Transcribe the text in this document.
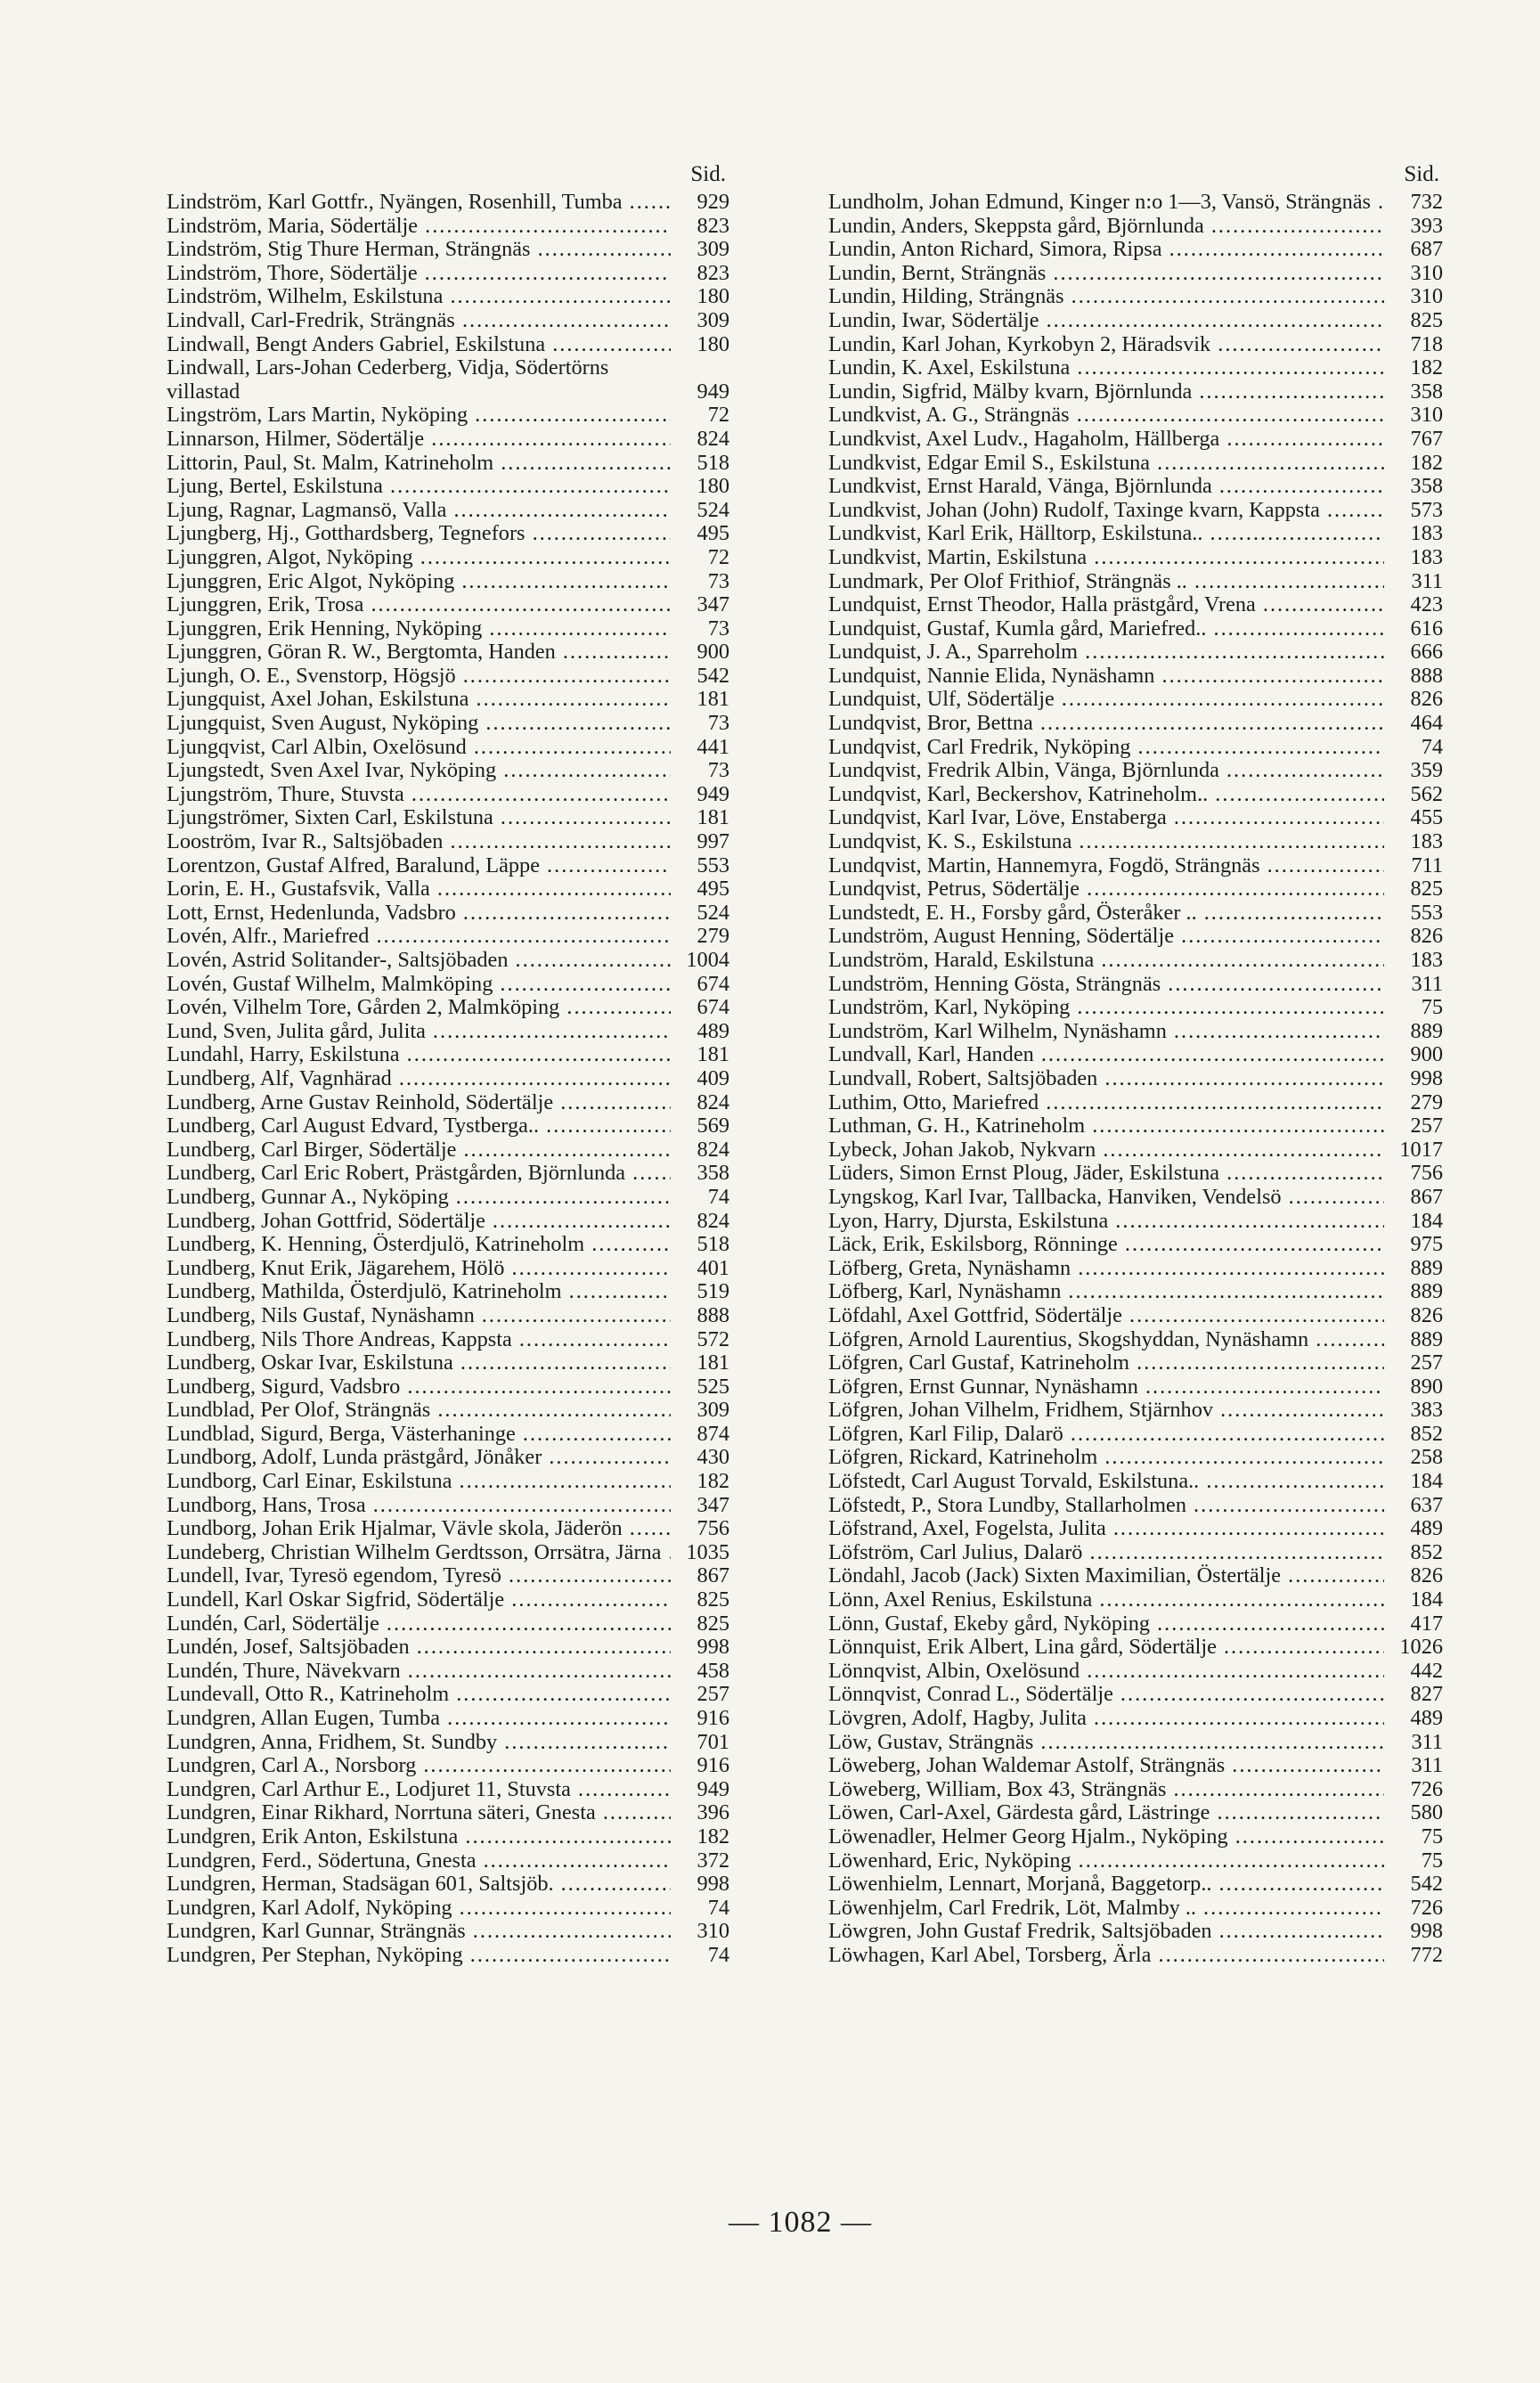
Sid.
Lindström, Karl Gottfr., Nyängen, Rosenhill, Tumba .....	929
Lindström, Maria, Södertälje .....	823
Lindström, Stig Thure Herman, Strängnäs .....	309
Lindström, Thore, Södertälje .....	823
Lindström, Wilhelm, Eskilstuna .....	180
Lindvall, Carl-Fredrik, Strängnäs .....	309
Lindwall, Bengt Anders Gabriel, Eskilstuna .....	180
Lindwall, Lars-Johan Cederberg, Vidja, Södertörns villastad	949
Lingström, Lars Martin, Nyköping .....	72
Linnarson, Hilmer, Södertälje .....	824
Littorin, Paul, St. Malm, Katrineholm .....	518
Ljung, Bertel, Eskilstuna .....	180
Ljung, Ragnar, Lagmansö, Valla .....	524
Ljungberg, Hj., Gotthardsberg, Tegnefors .....	495
Ljunggren, Algot, Nyköping .....	72
Ljunggren, Eric Algot, Nyköping .....	73
Ljunggren, Erik, Trosa .....	347
Ljunggren, Erik Henning, Nyköping .....	73
Ljunggren, Göran R. W., Bergtomta, Handen .....	900
Ljungh, O. E., Svenstorp, Högsjö .....	542
Ljungquist, Axel Johan, Eskilstuna .....	181
Ljungquist, Sven August, Nyköping .....	73
Ljungqvist, Carl Albin, Oxelösund .....	441
Ljungstedt, Sven Axel Ivar, Nyköping .....	73
Ljungström, Thure, Stuvsta .....	949
Ljungströmer, Sixten Carl, Eskilstuna .....	181
Looström, Ivar R., Saltsjöbaden .....	997
Lorentzon, Gustaf Alfred, Baralund, Läppe .....	553
Lorin, E. H., Gustafsvik, Valla .....	495
Lott, Ernst, Hedenlunda, Vadsbro .....	524
Lovén, Alfr., Mariefred .....	279
Lovén, Astrid Solitander-, Saltsjöbaden .....	1004
Lovén, Gustaf Wilhelm, Malmköping .....	674
Lovén, Vilhelm Tore, Gården 2, Malmköping .....	674
Lund, Sven, Julita gård, Julita .....	489
Lundahl, Harry, Eskilstuna .....	181
Lundberg, Alf, Vagnhärad .....	409
Lundberg, Arne Gustav Reinhold, Södertälje .....	824
Lundberg, Carl August Edvard, Tystberga.. .....	569
Lundberg, Carl Birger, Södertälje .....	824
Lundberg, Carl Eric Robert, Prästgården, Björnlunda .....	358
Lundberg, Gunnar A., Nyköping .....	74
Lundberg, Johan Gottfrid, Södertälje .....	824
Lundberg, K. Henning, Österdjulö, Katrineholm .....	518
Lundberg, Knut Erik, Jägarehem, Hölö .....	401
Lundberg, Mathilda, Österdjulö, Katrineholm .....	519
Lundberg, Nils Gustaf, Nynäshamn .....	888
Lundberg, Nils Thore Andreas, Kappsta .....	572
Lundberg, Oskar Ivar, Eskilstuna .....	181
Lundberg, Sigurd, Vadsbro .....	525
Lundblad, Per Olof, Strängnäs .....	309
Lundblad, Sigurd, Berga, Västerhaninge .....	874
Lundborg, Adolf, Lunda prästgård, Jönåker .....	430
Lundborg, Carl Einar, Eskilstuna .....	182
Lundborg, Hans, Trosa .....	347
Lundborg, Johan Erik Hjalmar, Vävle skola, Jäderön .....	756
Lundeberg, Christian Wilhelm Gerdtsson, Orrsätra, Järna .....	1035
Lundell, Ivar, Tyresö egendom, Tyresö .....	867
Lundell, Karl Oskar Sigfrid, Södertälje .....	825
Lundén, Carl, Södertälje .....	825
Lundén, Josef, Saltsjöbaden .....	998
Lundén, Thure, Nävekvarn .....	458
Lundevall, Otto R., Katrineholm .....	257
Lundgren, Allan Eugen, Tumba .....	916
Lundgren, Anna, Fridhem, St. Sundby .....	701
Lundgren, Carl A., Norsborg .....	916
Lundgren, Carl Arthur E., Lodjuret 11, Stuvsta .....	949
Lundgren, Einar Rikhard, Norrtuna säteri, Gnesta .....	396
Lundgren, Erik Anton, Eskilstuna .....	182
Lundgren, Ferd., Södertuna, Gnesta .....	372
Lundgren, Herman, Stadsägan 601, Saltsjöb. .....	998
Lundgren, Karl Adolf, Nyköping .....	74
Lundgren, Karl Gunnar, Strängnäs .....	310
Lundgren, Per Stephan, Nyköping .....	74
Sid.
Lundholm, Johan Edmund, Kinger n:o 1—3, Vansö, Strängnäs .....	732
Lundin, Anders, Skeppsta gård, Björnlunda .....	393
Lundin, Anton Richard, Simora, Ripsa .....	687
Lundin, Bernt, Strängnäs .....	310
Lundin, Hilding, Strängnäs .....	310
Lundin, Iwar, Södertälje .....	825
Lundin, Karl Johan, Kyrkobyn 2, Häradsvik .....	718
Lundin, K. Axel, Eskilstuna .....	182
Lundin, Sigfrid, Mälby kvarn, Björnlunda .....	358
Lundkvist, A. G., Strängnäs .....	310
Lundkvist, Axel Ludv., Hagaholm, Hällberga .....	767
Lundkvist, Edgar Emil S., Eskilstuna .....	182
Lundkvist, Ernst Harald, Vänga, Björnlunda .....	358
Lundkvist, Johan (John) Rudolf, Taxinge kvarn, Kappsta .....	573
Lundkvist, Karl Erik, Hälltorp, Eskilstuna.. .....	183
Lundkvist, Martin, Eskilstuna .....	183
Lundmark, Per Olof Frithiof, Strängnäs .. .....	311
Lundquist, Ernst Theodor, Halla prästgård, Vrena .....	423
Lundquist, Gustaf, Kumla gård, Mariefred.. .....	616
Lundquist, J. A., Sparreholm .....	666
Lundquist, Nannie Elida, Nynäshamn .....	888
Lundquist, Ulf, Södertälje .....	826
Lundqvist, Bror, Bettna .....	464
Lundqvist, Carl Fredrik, Nyköping .....	74
Lundqvist, Fredrik Albin, Vänga, Björnlunda .....	359
Lundqvist, Karl, Beckershov, Katrineholm.. .....	562
Lundqvist, Karl Ivar, Löve, Enstaberga .....	455
Lundqvist, K. S., Eskilstuna .....	183
Lundqvist, Martin, Hannemyra, Fogdö, Strängnäs .....	711
Lundqvist, Petrus, Södertälje .....	825
Lundstedt, E. H., Forsby gård, Österåker .. .....	553
Lundström, August Henning, Södertälje .....	826
Lundström, Harald, Eskilstuna .....	183
Lundström, Henning Gösta, Strängnäs .....	311
Lundström, Karl, Nyköping .....	75
Lundström, Karl Wilhelm, Nynäshamn .....	889
Lundvall, Karl, Handen .....	900
Lundvall, Robert, Saltsjöbaden .....	998
Luthim, Otto, Mariefred .....	279
Luthman, G. H., Katrineholm .....	257
Lybeck, Johan Jakob, Nykvarn .....	1017
Lüders, Simon Ernst Ploug, Jäder, Eskilstuna .....	756
Lyngskog, Karl Ivar, Tallbacka, Hanviken, Vendelsö .....	867
Lyon, Harry, Djursta, Eskilstuna .....	184
Läck, Erik, Eskilsborg, Rönninge .....	975
Löfberg, Greta, Nynäshamn .....	889
Löfberg, Karl, Nynäshamn .....	889
Löfdahl, Axel Gottfrid, Södertälje .....	826
Löfgren, Arnold Laurentius, Skogshyddan, Nynäshamn .....	889
Löfgren, Carl Gustaf, Katrineholm .....	257
Löfgren, Ernst Gunnar, Nynäshamn .....	890
Löfgren, Johan Vilhelm, Fridhem, Stjärnhov .....	383
Löfgren, Karl Filip, Dalarö .....	852
Löfgren, Rickard, Katrineholm .....	258
Löfstedt, Carl August Torvald, Eskilstuna.. .....	184
Löfstedt, P., Stora Lundby, Stallarholmen .....	637
Löfstrand, Axel, Fogelsta, Julita .....	489
Löfström, Carl Julius, Dalarö .....	852
Löndahl, Jacob (Jack) Sixten Maximilian, Östertälje .....	826
Lönn, Axel Renius, Eskilstuna .....	184
Lönn, Gustaf, Ekeby gård, Nyköping .....	417
Lönnquist, Erik Albert, Lina gård, Södertälje .....	1026
Lönnqvist, Albin, Oxelösund .....	442
Lönnqvist, Conrad L., Södertälje .....	827
Lövgren, Adolf, Hagby, Julita .....	489
Löw, Gustav, Strängnäs .....	311
Löweberg, Johan Waldemar Astolf, Strängnäs .....	311
Löweberg, William, Box 43, Strängnäs .....	726
Löwen, Carl-Axel, Gärdesta gård, Lästringe .....	580
Löwenadler, Helmer Georg Hjalm., Nyköping .....	75
Löwenhard, Eric, Nyköping .....	75
Löwenhielm, Lennart, Morjanå, Baggetorp.. .....	542
Löwenhjelm, Carl Fredrik, Löt, Malmby .. .....	726
Löwgren, John Gustaf Fredrik, Saltsjöbaden .....	998
Löwhagen, Karl Abel, Torsberg, Ärla .....	772
— 1082 —
